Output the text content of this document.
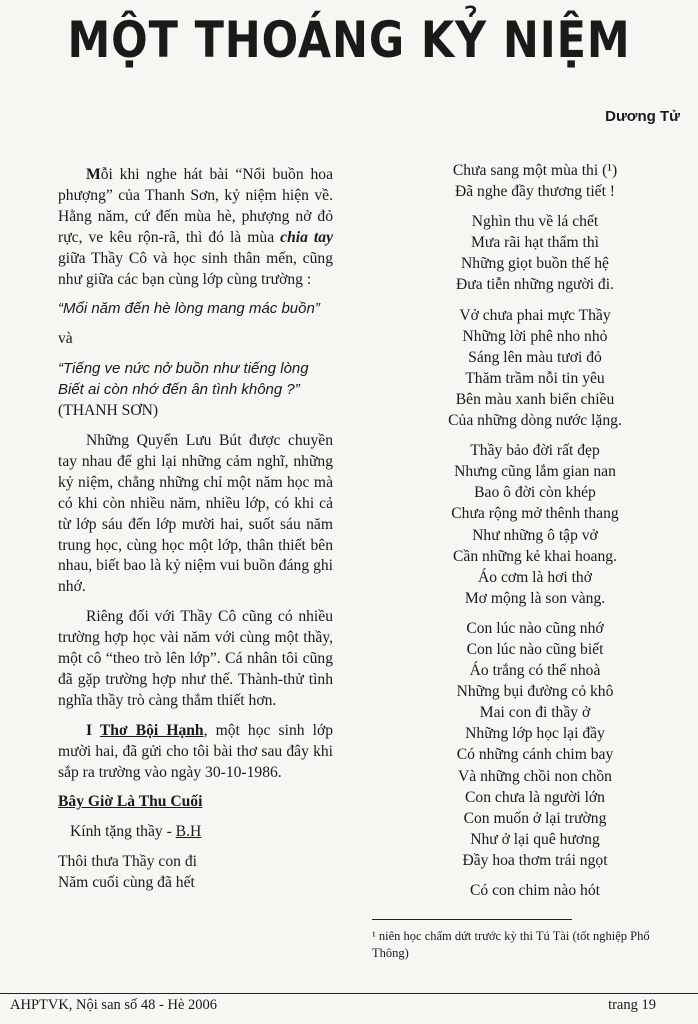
MỘT THOÁNG KỶ NIỆM
Dương Tử

Mỗi khi nghe hát bài “Nổi buồn hoa phượng” của Thanh Sơn, kỷ niệm hiện về. Hằng năm, cứ đến mùa hè, phượng nở đỏ rực, ve kêu rộn-rã, thì đó là mùa chia tay giữa Thầy Cô và học sinh thân mến, cũng như giữa các bạn cùng lớp cùng trường :

“Mổi năm đến hè lòng mang mác buồn”

và

“Tiếng ve nức nở buồn như tiếng lòng

Biết ai còn nhớ đến ân tình không ?”

(THANH SƠN)

Những Quyển Lưu Bút được chuyền tay nhau để ghi lại những cảm nghĩ, những kỷ niệm, chẳng những chỉ một năm học mà có khi còn nhiều năm, nhiều lớp, có khi cả từ lớp sáu đến lớp mười hai, suốt sáu năm trung học, cùng học một lớp, thân thiết bên nhau, biết bao là kỷ niệm vui buồn đáng ghi nhớ.

Riêng đối với Thầy Cô cũng có nhiều trường hợp học vài năm với cùng một thầy, một cô “theo trò lên lớp”. Cá nhân tôi cũng đã gặp trường hợp như thế. Thành-thử tình nghĩa thầy trò càng thắm thiết hơn.

I Thơ Bội Hạnh, một học sinh lớp mười hai, đã gửi cho tôi bài thơ sau đây khi sắp ra trường vào ngày 30-10-1986.

Bây Giờ Là Thu Cuối

Kính tặng thầy - B.H

Thôi thưa Thầy con đi

Năm cuối cùng đã hết

Chưa sang một mùa thi (¹)
Đã nghe đầy thương tiết !
Nghìn thu về lá chết
Mưa rãi hạt thẩm thì
Những giọt buồn thế hệ
Đưa tiễn những người đi.
Vở chưa phai mực Thầy
Những lời phê nho nhỏ
Sáng lên màu tươi đỏ
Thăm trầm nỗi tin yêu
Bên màu xanh biển chiều
Của những dòng nước lặng.
Thầy bảo đời rất đẹp
Nhưng cũng lắm gian nan
Bao ô đời còn khép
Chưa rộng mở thênh thang
Như những ô tập vở
Cần những kẻ khai hoang.
Áo cơm là hơi thở
Mơ mộng là son vàng.
Con lúc nào cũng nhớ
Con lúc nào cũng biết
Áo trắng có thể nhoà
Những bụi đường cỏ khô
Mai con đi thầy ở
Những lớp học lại đầy
Có những cánh chim bay
Và những chồi non chồn
Con chưa là người lớn
Con muốn ở lại trường
Như ở lại quê hương
Đầy hoa thơm trái ngọt
Có con chim nào hót
¹ niên học chấm dứt trước kỳ thi Tú Tài (tốt nghiệp Phổ Thông)
AHPTVK, Nội san số 48 - Hè 2006	trang 19
